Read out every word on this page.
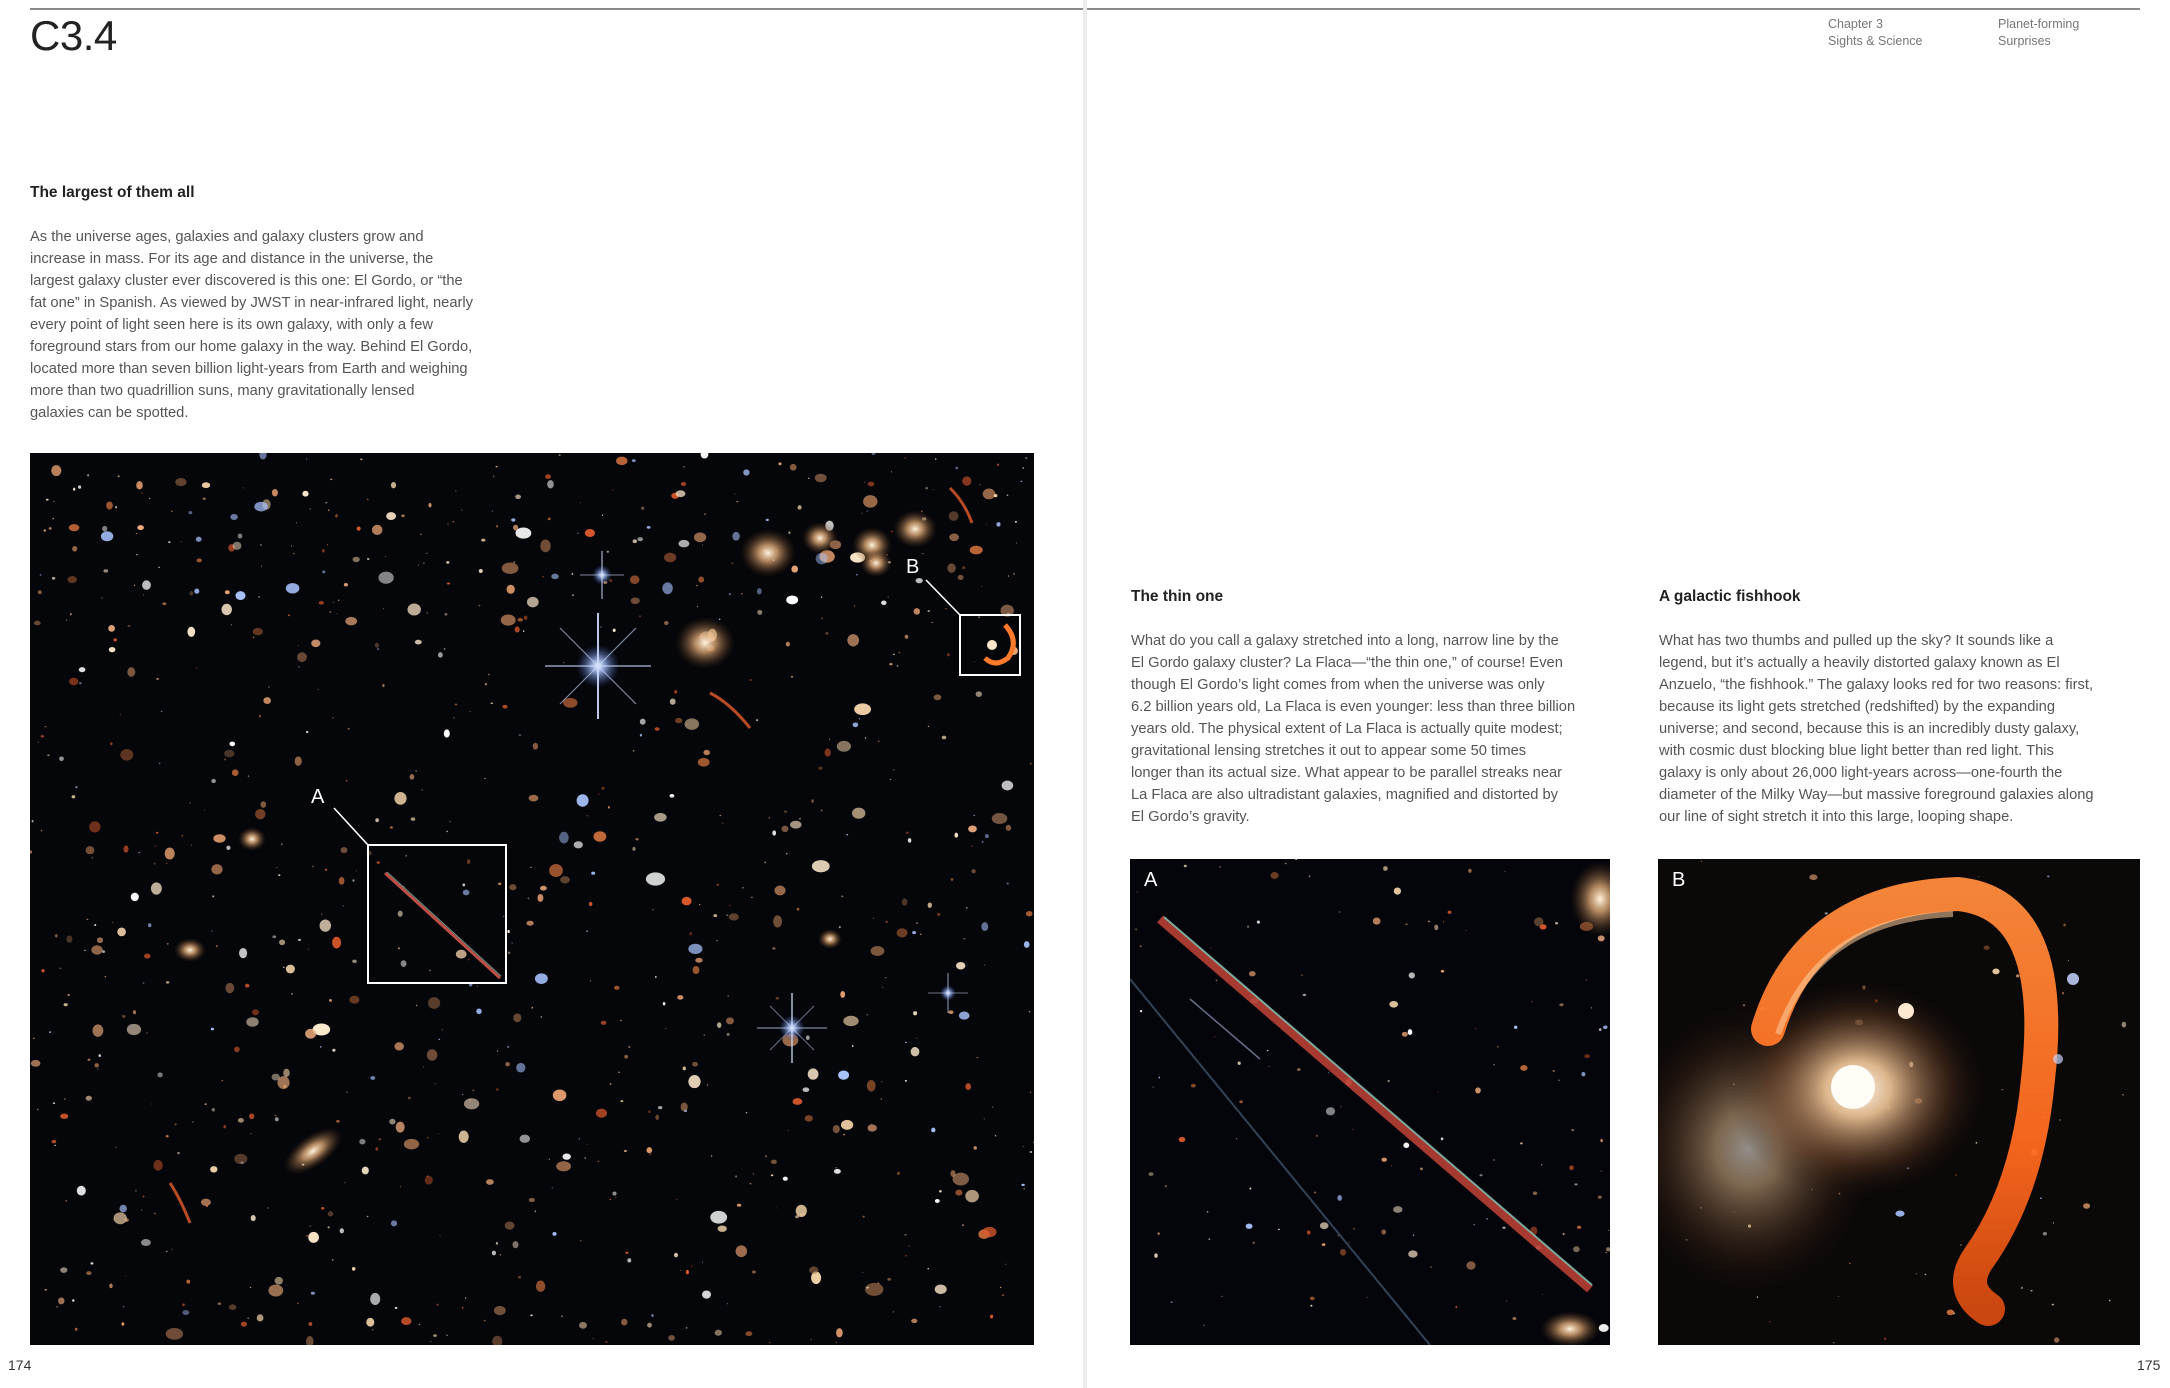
C3.4
The largest of them all
As the universe ages, galaxies and galaxy clusters grow and
increase in mass. For its age and distance in the universe, the
largest galaxy cluster ever discovered is this one: El Gordo, or “the
fat one” in Spanish. As viewed by JWST in near-infrared light, nearly
every point of light seen here is its own galaxy, with only a few
foreground stars from our home galaxy in the way. Behind El Gordo,
located more than seven billion light-years from Earth and weighing
more than two quadrillion suns, many gravitationally lensed
galaxies can be spotted.
A
B
174
Chapter 3
Sights & Science
Planet-forming
Surprises
The thin one
What do you call a galaxy stretched into a long, narrow line by the
El Gordo galaxy cluster? La Flaca—“the thin one,” of course! Even
though El Gordo’s light comes from when the universe was only
6.2 billion years old, La Flaca is even younger: less than three billion
years old. The physical extent of La Flaca is actually quite modest;
gravitational lensing stretches it out to appear some 50 times
longer than its actual size. What appear to be parallel streaks near
La Flaca are also ultradistant galaxies, magnified and distorted by
El Gordo’s gravity.
A galactic fishhook
What has two thumbs and pulled up the sky? It sounds like a
legend, but it’s actually a heavily distorted galaxy known as El
Anzuelo, “the fishhook.” The galaxy looks red for two reasons: first,
because its light gets stretched (redshifted) by the expanding
universe; and second, because this is an incredibly dusty galaxy,
with cosmic dust blocking blue light better than red light. This
galaxy is only about 26,000 light-years across—one-fourth the
diameter of the Milky Way—but massive foreground galaxies along
our line of sight stretch it into this large, looping shape.
A	B
175
